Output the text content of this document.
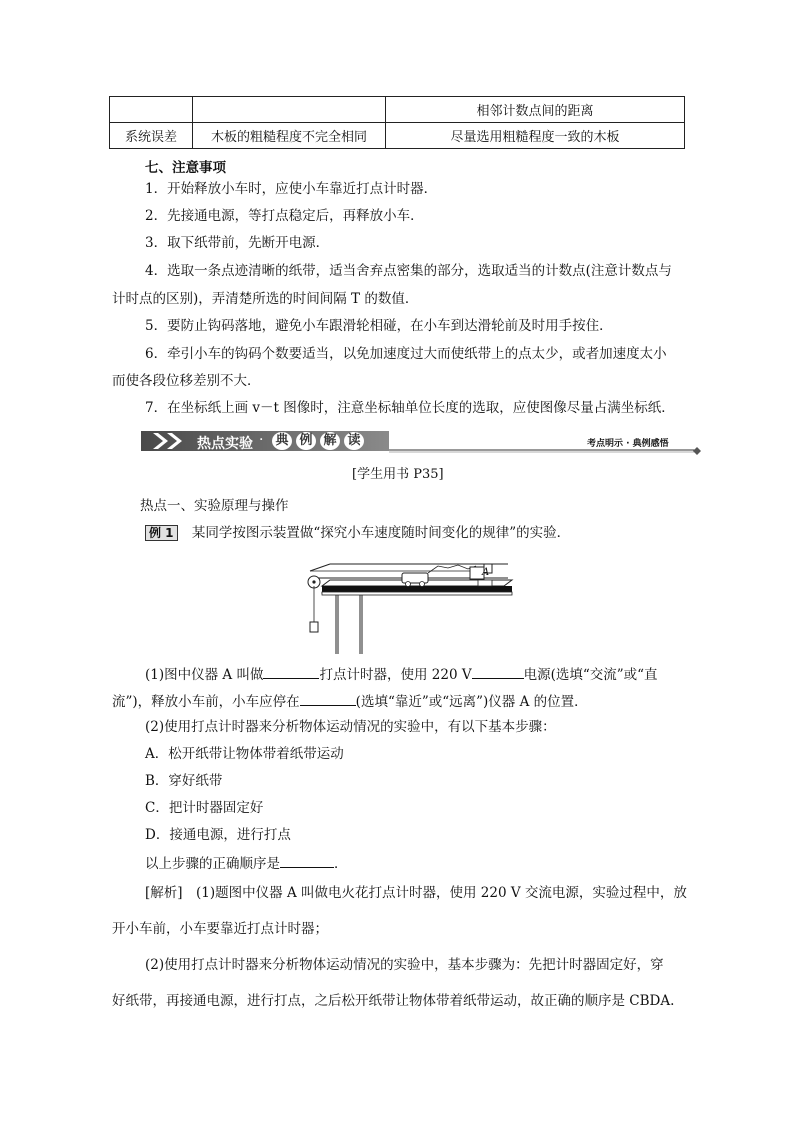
		相邻计数点间的距离
系统误差	木板的粗糙程度不完全相同	尽量选用粗糙程度一致的木板
七、注意事项
1．开始释放小车时，应使小车靠近打点计时器．
2．先接通电源，等打点稳定后，再释放小车．
3．取下纸带前，先断开电源．
4．选取一条点迹清晰的纸带，适当舍弃点密集的部分，选取适当的计数点(注意计数点与
计时点的区别)，弄清楚所选的时间间隔 T 的数值．
5．要防止钩码落地，避免小车跟滑轮相碰，在小车到达滑轮前及时用手按住．
6．牵引小车的钩码个数要适当，以免加速度过大而使纸带上的点太少，或者加速度太小
而使各段位移差别不大．
7．在坐标纸上画 v－t 图像时，注意坐标轴单位长度的选取，应使图像尽量占满坐标纸．
热点实验 · 典 例 解 读	考点明示 · 典例感悟
[学生用书 P35]
热点一、实验原理与操作
例 1 某同学按图示装置做“探究小车速度随时间变化的规律”的实验．
A
(1)图中仪器 A 叫做	打点计时器，使用 220 V	电源(选填“交流”或“直
流”)，释放小车前，小车应停在	(选填“靠近”或“远离”)仪器 A 的位置．
(2)使用打点计时器来分析物体运动情况的实验中，有以下基本步骤：
A．松开纸带让物体带着纸带运动
B．穿好纸带
C．把计时器固定好
D．接通电源，进行打点
以上步骤的正确顺序是	．
[解析]　(1)题图中仪器 A 叫做电火花打点计时器，使用 220 V 交流电源，实验过程中，放
开小车前，小车要靠近打点计时器；
(2)使用打点计时器来分析物体运动情况的实验中，基本步骤为：先把计时器固定好，穿
好纸带，再接通电源，进行打点，之后松开纸带让物体带着纸带运动，故正确的顺序是 CBDA.
